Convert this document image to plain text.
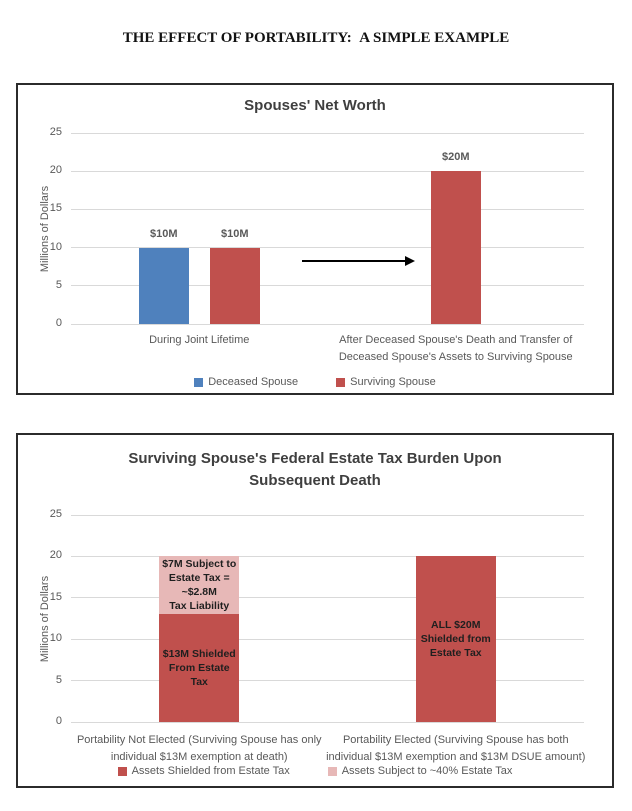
THE EFFECT OF PORTABILITY:  A SIMPLE EXAMPLE
Spouses' Net Worth
Millions of Dollars	$10M	$10M
$20M
Deceased Spouse	Surviving Spouse
0
5
10
15
20
25
During Joint Lifetime	After Deceased Spouse's Death and Transfer of
Deceased Spouse's Assets to Surviving Spouse
Surviving Spouse's Federal Estate Tax Burden Upon
Subsequent Death
Millions of Dollars	$13M Shielded
From Estate
Tax
$7M Subject to
Estate Tax =
~$2.8M
Tax Liability
ALL $20M
Shielded from
Estate Tax
Assets Shielded from Estate Tax	Assets Subject to ~40% Estate Tax
0
5
10
15
20
25
Portability Not Elected (Surviving Spouse has only
individual $13M exemption at death)
Portability Elected (Surviving Spouse has both
individual $13M exemption and $13M DSUE amount)
